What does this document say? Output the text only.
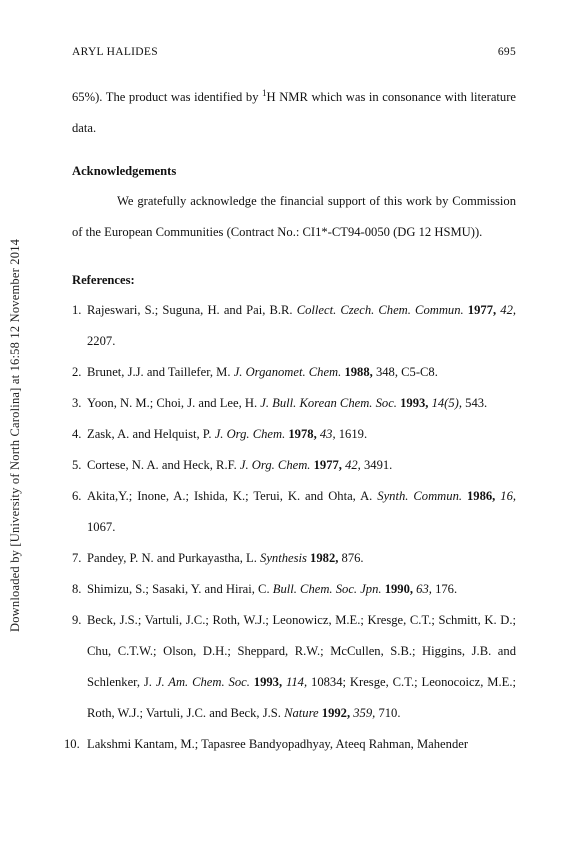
Downloaded by [University of North Carolina] at 16:58 12 November 2014
ARYL HALIDES	695

65%). The product was identified by $^1$H NMR which was in consonance with literature data.

Acknowledgements

We gratefully acknowledge the financial support of this work by Commission of the European Communities (Contract No.: CI1*-CT94-0050 (DG 12 HSMU)).

References:
1. Rajeswari, S.; Suguna, H. and Pai, B.R. Collect. Czech. Chem. Commun. 1977, 42, 2207.
2. Brunet, J.J. and Taillefer, M. J. Organomet. Chem. 1988, 348, C5-C8.
3. Yoon, N. M.; Choi, J. and Lee, H. J. Bull. Korean Chem. Soc. 1993, 14(5), 543.
4. Zask, A. and Helquist, P. J. Org. Chem. 1978, 43, 1619.
5. Cortese, N. A. and Heck, R.F. J. Org. Chem. 1977, 42, 3491.
6. Akita,Y.; Inone, A.; Ishida, K.; Terui, K. and Ohta, A. Synth. Commun. 1986, 16, 1067.
7. Pandey, P. N. and Purkayastha, L. Synthesis 1982, 876.
8. Shimizu, S.; Sasaki, Y. and Hirai, C. Bull. Chem. Soc. Jpn. 1990, 63, 176.
9. Beck, J.S.; Vartuli, J.C.; Roth, W.J.; Leonowicz, M.E.; Kresge, C.T.; Schmitt, K. D.; Chu, C.T.W.; Olson, D.H.; Sheppard, R.W.; McCullen, S.B.; Higgins, J.B. and Schlenker, J. J. Am. Chem. Soc. 1993, 114, 10834; Kresge, C.T.; Leonocoicz, M.E.; Roth, W.J.; Vartuli, J.C. and Beck, J.S. Nature 1992, 359, 710.
10. Lakshmi Kantam, M.; Tapasree Bandyopadhyay, Ateeq Rahman, Mahender
